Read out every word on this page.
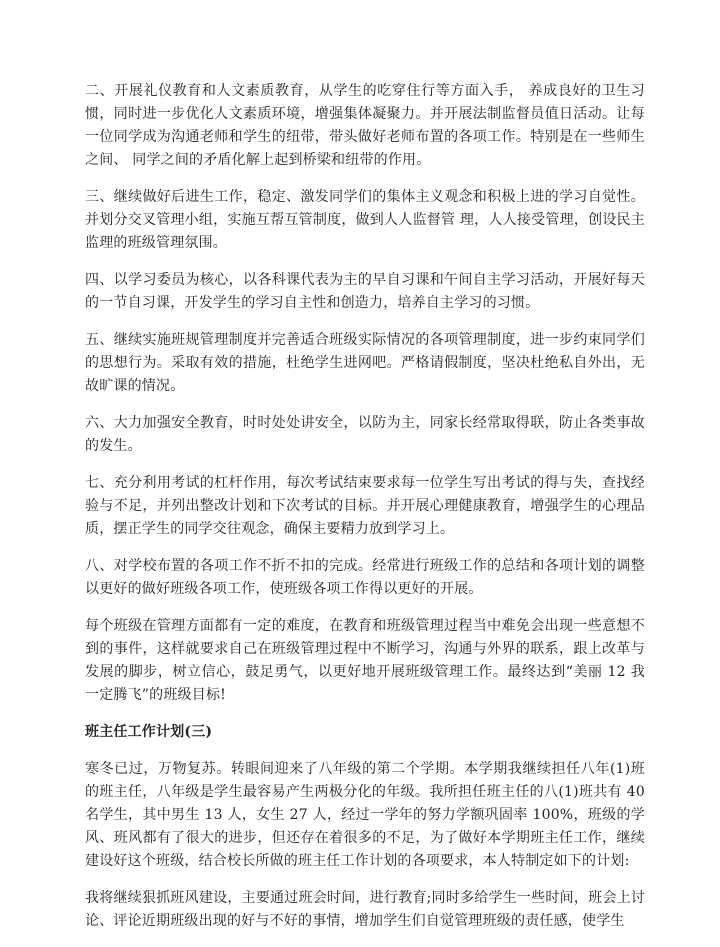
二、开展礼仪教育和人文素质教育，从学生的吃穿住行等方面入手， 养成良好的卫生习惯，同时进一步优化人文素质环境，增强集体凝聚力。并开展法制监督员值日活动。让每一位同学成为沟通老师和学生的纽带，带头做好老师布置的各项工作。特别是在一些师生之间、 同学之间的矛盾化解上起到桥梁和纽带的作用。

三、继续做好后进生工作，稳定、激发同学们的集体主义观念和积极上进的学习自觉性。并划分交叉管理小组，实施互帮互管制度，做到人人监督管 理，人人接受管理，创设民主监理的班级管理氛围。

四、以学习委员为核心，以各科课代表为主的早自习课和午间自主学习活动，开展好每天的一节自习课，开发学生的学习自主性和创造力，培养自主学习的习惯。

五、继续实施班规管理制度并完善适合班级实际情况的各项管理制度，进一步约束同学们的思想行为。采取有效的措施，杜绝学生进网吧。严格请假制度，坚决杜绝私自外出，无故旷课的情况。

六、大力加强安全教育，时时处处讲安全，以防为主，同家长经常取得联，防止各类事故的发生。

七、充分利用考试的杠杆作用，每次考试结束要求每一位学生写出考试的得与失，查找经验与不足，并列出整改计划和下次考试的目标。并开展心理健康教育，增强学生的心理品质，摆正学生的同学交往观念，确保主要精力放到学习上。

八、对学校布置的各项工作不折不扣的完成。经常进行班级工作的总结和各项计划的调整以更好的做好班级各项工作，使班级各项工作得以更好的开展。

每个班级在管理方面都有一定的难度，在教育和班级管理过程当中难免会出现一些意想不到的事件，这样就要求自己在班级管理过程中不断学习，沟通与外界的联系，跟上改革与发展的脚步，树立信心，鼓足勇气，以更好地开展班级管理工作。最终达到“美丽 12 我一定腾飞”的班级目标!

班主任工作计划(三)

寒冬已过，万物复苏。转眼间迎来了八年级的第二个学期。本学期我继续担任八年(1)班的班主任，八年级是学生最容易产生两极分化的年级。我所担任班主任的八(1)班共有 40 名学生，其中男生 13 人，女生 27 人，经过一学年的努力学额巩固率 100%，班级的学风、班风都有了很大的进步，但还存在着很多的不足，为了做好本学期班主任工作，继续建设好这个班级，结合校长所做的班主任工作计划的各项要求，本人特制定如下的计划:

我将继续狠抓班风建设，主要通过班会时间，进行教育;同时多给学生一些时间，班会上讨论、评论近期班级出现的好与不好的事情，增加学生们自觉管理班级的责任感，使学生
